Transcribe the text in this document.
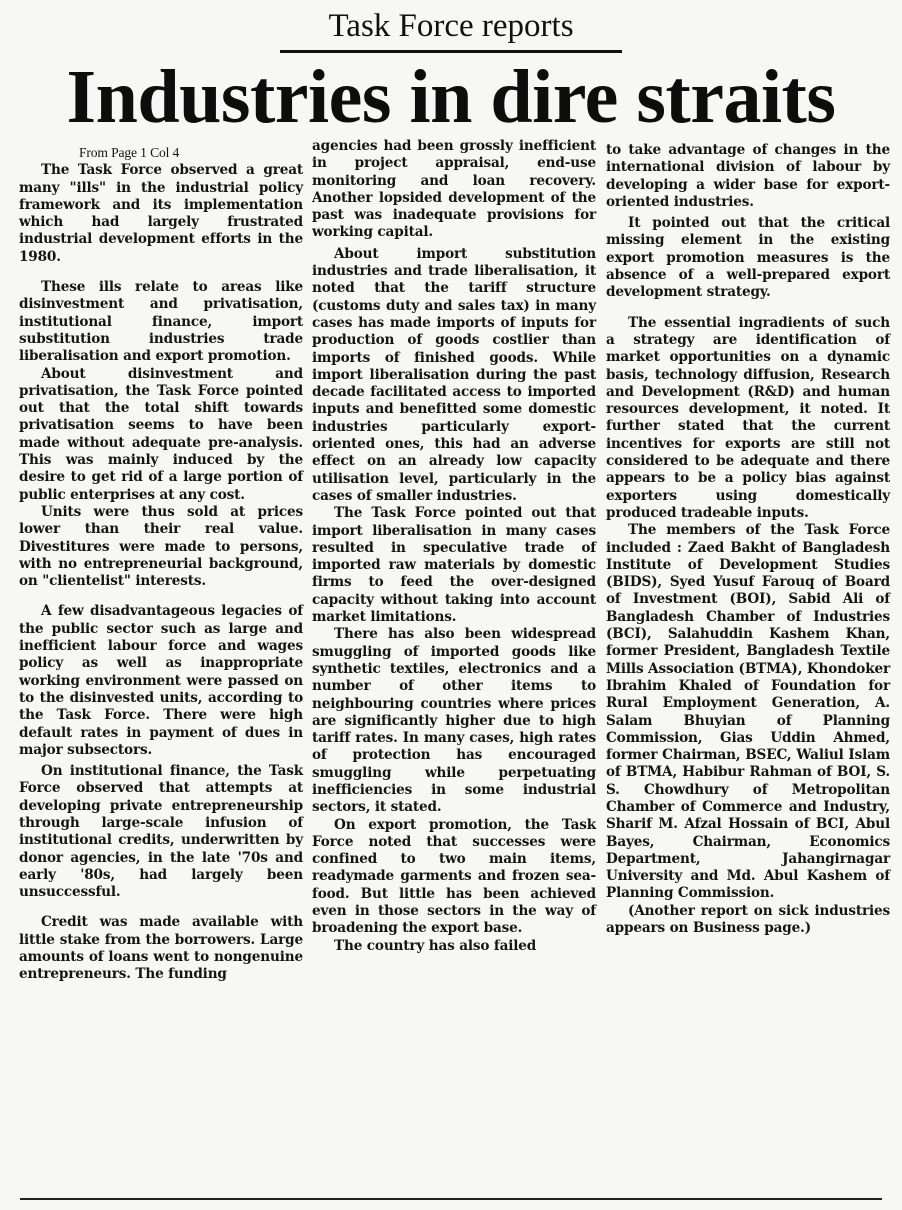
Task Force reports
Industries in dire straits
From Page 1 Col 4

The Task Force observed a great many "ills" in the industrial policy framework and its implementation which had largely frustrated industrial development efforts in the 1980.

These ills relate to areas like disinvestment and privatisation, institutional finance, import substitution industries trade liberalisation and export promotion.

About disinvestment and privatisation, the Task Force pointed out that the total shift towards privatisation seems to have been made without adequate pre-analysis. This was mainly induced by the desire to get rid of a large portion of public enterprises at any cost.

Units were thus sold at prices lower than their real value. Divestitures were made to persons, with no entrepreneurial background, on "clientelist" interests.

A few disadvantageous legacies of the public sector such as large and inefficient labour force and wages policy as well as inappropriate working environment were passed on to the disinvested units, according to the Task Force. There were high default rates in payment of dues in major subsectors.

On institutional finance, the Task Force observed that attempts at developing private entrepreneurship through large-scale infusion of institutional credits, underwritten by donor agencies, in the late '70s and early '80s, had largely been unsuccessful.

Credit was made available with little stake from the borrowers. Large amounts of loans went to nongenuine entrepreneurs. The funding

agencies had been grossly inefficient in project appraisal, end-use monitoring and loan recovery. Another lopsided development of the past was inadequate provisions for working capital.

About import substitution industries and trade liberalisation, it noted that the tariff structure (customs duty and sales tax) in many cases has made imports of inputs for production of goods costlier than imports of finished goods. While import liberalisation during the past decade facilitated access to imported inputs and benefitted some domestic industries particularly export-oriented ones, this had an adverse effect on an already low capacity utilisation level, particularly in the cases of smaller industries.

The Task Force pointed out that import liberalisation in many cases resulted in speculative trade of imported raw materials by domestic firms to feed the over-designed capacity without taking into account market limitations.

There has also been widespread smuggling of imported goods like synthetic textiles, electronics and a number of other items to neighbouring countries where prices are significantly higher due to high tariff rates. In many cases, high rates of protection has encouraged smuggling while perpetuating inefficiencies in some industrial sectors, it stated.

On export promotion, the Task Force noted that successes were confined to two main items, readymade garments and frozen sea-food. But little has been achieved even in those sectors in the way of broadening the export base.

The country has also failed

to take advantage of changes in the international division of labour by developing a wider base for export-oriented industries.

It pointed out that the critical missing element in the existing export promotion measures is the absence of a well-prepared export development strategy.

The essential ingradients of such a strategy are identification of market opportunities on a dynamic basis, technology diffusion, Research and Development (R&D) and human resources development, it noted. It further stated that the current incentives for exports are still not considered to be adequate and there appears to be a policy bias against exporters using domestically produced tradeable inputs.

The members of the Task Force included : Zaed Bakht of Bangladesh Institute of Development Studies (BIDS), Syed Yusuf Farouq of Board of Investment (BOI), Sabid Ali of Bangladesh Chamber of Industries (BCI), Salahuddin Kashem Khan, former President, Bangladesh Textile Mills Association (BTMA), Khondoker Ibrahim Khaled of Foundation for Rural Employment Generation, A. Salam Bhuyian of Planning Commission, Gias Uddin Ahmed, former Chairman, BSEC, Waliul Islam of BTMA, Habibur Rahman of BOI, S. S. Chowdhury of Metropolitan Chamber of Commerce and Industry, Sharif M. Afzal Hossain of BCI, Abul Bayes, Chairman, Economics Department, Jahangirnagar University and Md. Abul Kashem of Planning Commission.

(Another report on sick industries appears on Business page.)
